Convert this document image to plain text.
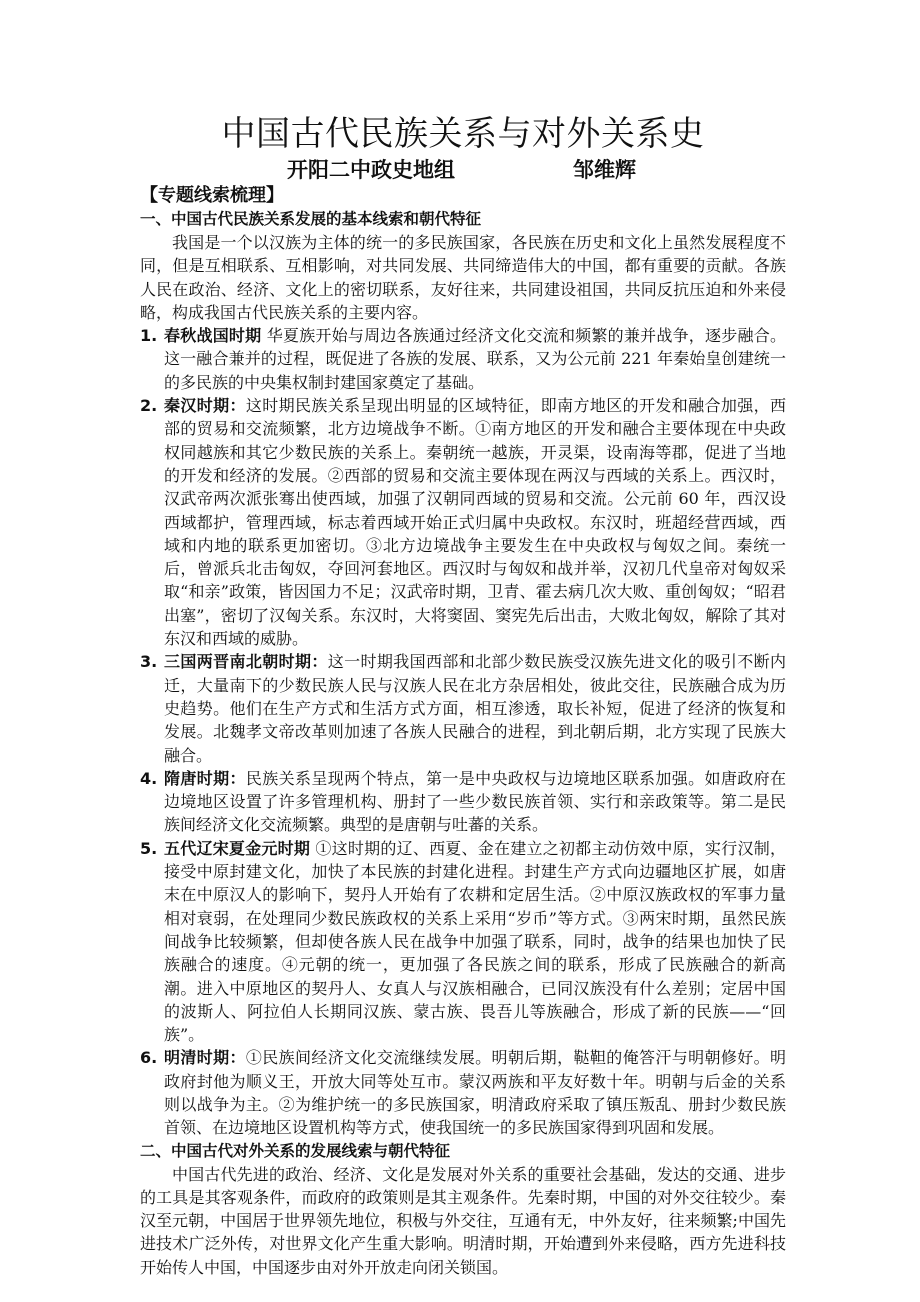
中国古代民族关系与对外关系史

开阳二中政史地组	邹维辉

【专题线索梳理】

一、中国古代民族关系发展的基本线索和朝代特征

我国是一个以汉族为主体的统一的多民族国家，各民族在历史和文化上虽然发展程度不同，但是互相联系、互相影响，对共同发展、共同缔造伟大的中国，都有重要的贡献。各族人民在政治、经济、文化上的密切联系，友好往来，共同建设祖国，共同反抗压迫和外来侵略，构成我国古代民族关系的主要内容。

1. 春秋战国时期 华夏族开始与周边各族通过经济文化交流和频繁的兼并战争，逐步融合。这一融合兼并的过程，既促进了各族的发展、联系，又为公元前 221 年秦始皇创建统一的多民族的中央集权制封建国家奠定了基础。
2. 秦汉时期：这时期民族关系呈现出明显的区域特征，即南方地区的开发和融合加强，西部的贸易和交流频繁，北方边境战争不断。①南方地区的开发和融合主要体现在中央政权同越族和其它少数民族的关系上。秦朝统一越族，开灵渠，设南海等郡，促进了当地的开发和经济的发展。②西部的贸易和交流主要体现在两汉与西域的关系上。西汉时，汉武帝两次派张骞出使西域，加强了汉朝同西域的贸易和交流。公元前 60 年，西汉设西域都护，管理西域，标志着西域开始正式归属中央政权。东汉时，班超经营西域，西域和内地的联系更加密切。③北方边境战争主要发生在中央政权与匈奴之间。秦统一后，曾派兵北击匈奴，夺回河套地区。西汉时与匈奴和战并举，汉初几代皇帝对匈奴采取“和亲”政策，皆因国力不足；汉武帝时期，卫青、霍去病几次大败、重创匈奴；“昭君出塞”，密切了汉匈关系。东汉时，大将窦固、窦宪先后出击，大败北匈奴，解除了其对东汉和西域的威胁。
3. 三国两晋南北朝时期：这一时期我国西部和北部少数民族受汉族先进文化的吸引不断内迁，大量南下的少数民族人民与汉族人民在北方杂居相处，彼此交往，民族融合成为历史趋势。他们在生产方式和生活方式方面，相互渗透，取长补短，促进了经济的恢复和发展。北魏孝文帝改革则加速了各族人民融合的进程，到北朝后期，北方实现了民族大融合。
4. 隋唐时期：民族关系呈现两个特点，第一是中央政权与边境地区联系加强。如唐政府在边境地区设置了许多管理机构、册封了一些少数民族首领、实行和亲政策等。第二是民族间经济文化交流频繁。典型的是唐朝与吐蕃的关系。
5. 五代辽宋夏金元时期 ①这时期的辽、西夏、金在建立之初都主动仿效中原，实行汉制，接受中原封建文化，加快了本民族的封建化进程。封建生产方式向边疆地区扩展，如唐末在中原汉人的影响下，契丹人开始有了农耕和定居生活。②中原汉族政权的军事力量相对衰弱，在处理同少数民族政权的关系上采用“岁币”等方式。③两宋时期，虽然民族间战争比较频繁，但却使各族人民在战争中加强了联系，同时，战争的结果也加快了民族融合的速度。④元朝的统一，更加强了各民族之间的联系，形成了民族融合的新高潮。进入中原地区的契丹人、女真人与汉族相融合，已同汉族没有什么差别；定居中国的波斯人、阿拉伯人长期同汉族、蒙古族、畏吾儿等族融合，形成了新的民族——“回族”。
6. 明清时期：①民族间经济文化交流继续发展。明朝后期，鞑靼的俺答汗与明朝修好。明政府封他为顺义王，开放大同等处互市。蒙汉两族和平友好数十年。明朝与后金的关系则以战争为主。②为维护统一的多民族国家，明清政府采取了镇压叛乱、册封少数民族首领、在边境地区设置机构等方式，使我国统一的多民族国家得到巩固和发展。

二、中国古代对外关系的发展线索与朝代特征

中国古代先进的政治、经济、文化是发展对外关系的重要社会基础，发达的交通、进步的工具是其客观条件，而政府的政策则是其主观条件。先秦时期，中国的对外交往较少。秦汉至元朝，中国居于世界领先地位，积极与外交往，互通有无，中外友好，往来频繁;中国先进技术广泛外传，对世界文化产生重大影响。明清时期，开始遭到外来侵略，西方先进科技开始传人中国，中国逐步由对外开放走向闭关锁国。
